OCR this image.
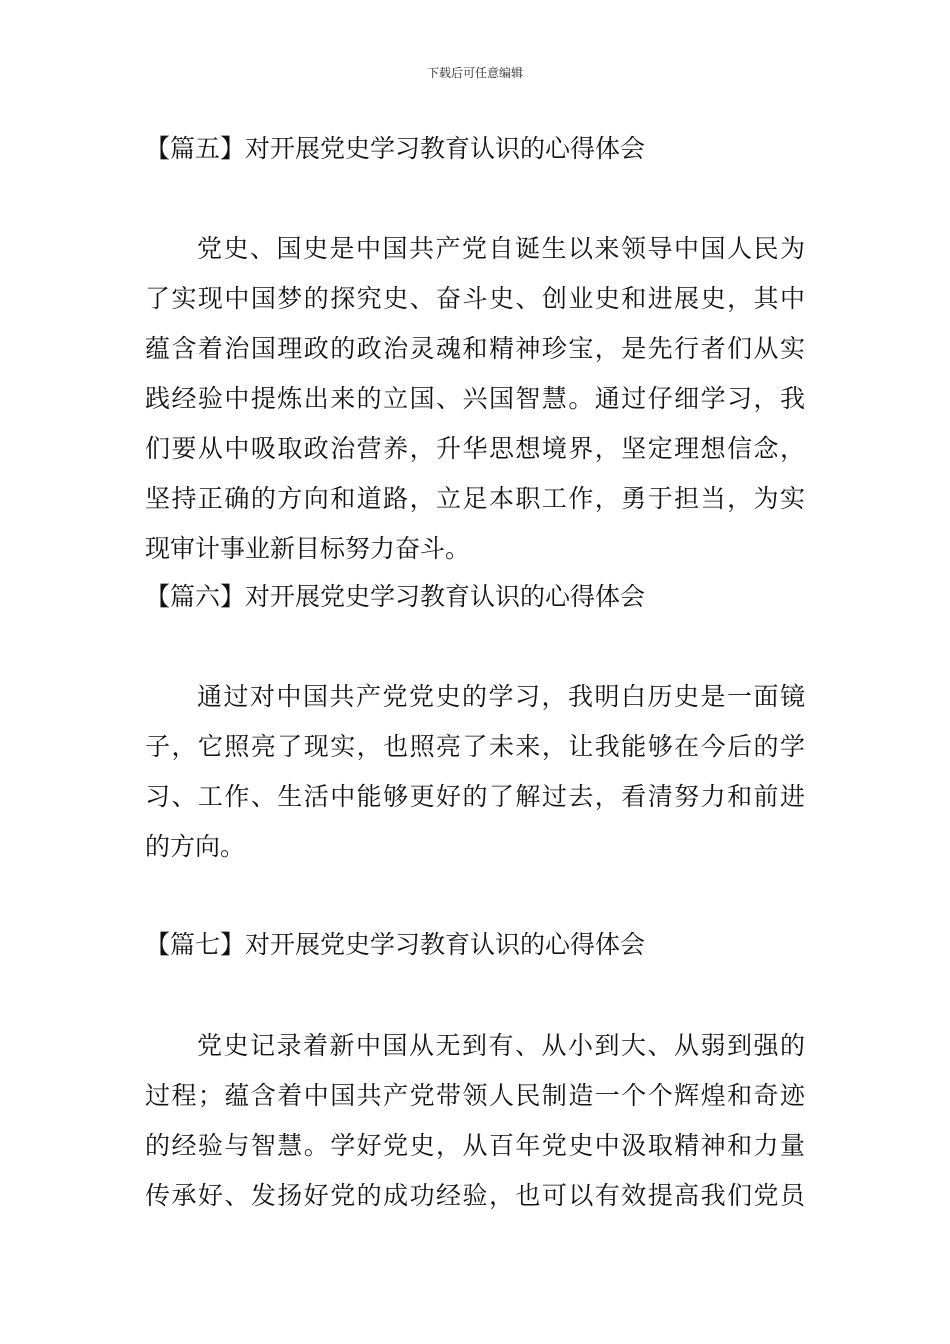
下载后可任意编辑
【篇五】对开展党史学习教育认识的心得体会
党史、国史是中国共产党自诞生以来领导中国人民为
了实现中国梦的探究史、奋斗史、创业史和进展史，其中
蕴含着治国理政的政治灵魂和精神珍宝，是先行者们从实
践经验中提炼出来的立国、兴国智慧。通过仔细学习，我
们要从中吸取政治营养，升华思想境界，坚定理想信念，
坚持正确的方向和道路，立足本职工作，勇于担当，为实
现审计事业新目标努力奋斗。
【篇六】对开展党史学习教育认识的心得体会
通过对中国共产党党史的学习，我明白历史是一面镜
子，它照亮了现实，也照亮了未来，让我能够在今后的学
习、工作、生活中能够更好的了解过去，看清努力和前进
的方向。
【篇七】对开展党史学习教育认识的心得体会
党史记录着新中国从无到有、从小到大、从弱到强的
过程；蕴含着中国共产党带领人民制造一个个辉煌和奇迹
的经验与智慧。学好党史，从百年党史中汲取精神和力量
传承好、发扬好党的成功经验，也可以有效提高我们党员
